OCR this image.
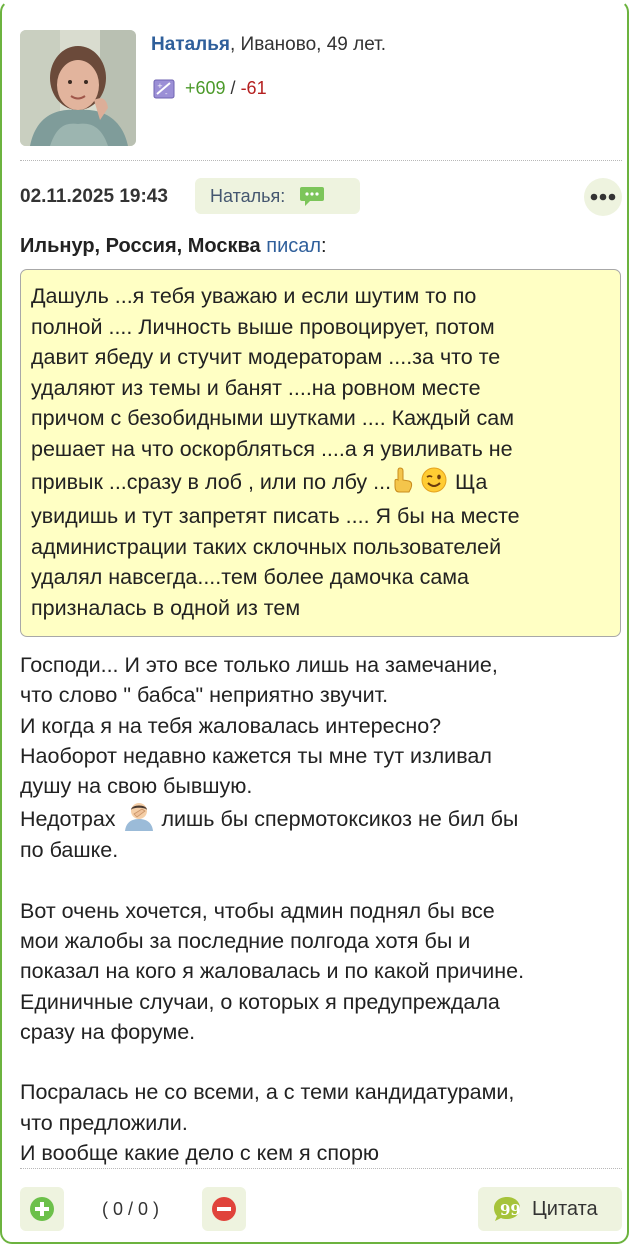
Наталья, Иваново, 49 лет.
+
- +609 / -61
02.11.2025 19:43 Наталья:
Ильнур, Россия, Москва писал:
Дашуль ...я тебя уважаю и если шутим то по
полной .... Личность выше провоцирует, потом
давит ябеду и стучит модераторам ....за что те
удаляют из темы и банят ....на ровном месте
причом с безобидными шутками .... Каждый сам
решает на что оскорбляться ....а я увиливать не
привык ...сразу в лоб , или по лбу ...	Ща
увидишь и тут запретят писать .... Я бы на месте
администрации таких склочных пользователей
удалял навсегда....тем более дамочка сама
призналась в одной из тем
Господи... И это все только лишь на замечание,
что слово " бабса" неприятно звучит.
И когда я на тебя жаловалась интересно?
Наоборот недавно кажется ты мне тут изливал
душу на свою бывшую.
Недотрах  лишь бы спермотоксикоз не бил бы
по башке.
Вот очень хочется, чтобы админ поднял бы все
мои жалобы за последние полгода хотя бы и
показал на кого я жаловалась и по какой причине.
Единичные случаи, о которых я предупреждала
сразу на форуме.
Посралась не со всеми, а с теми кандидатурами,
что предложили.
И вообще какие дело с кем я спорю
( 0 / 0 )	99 Цитата
